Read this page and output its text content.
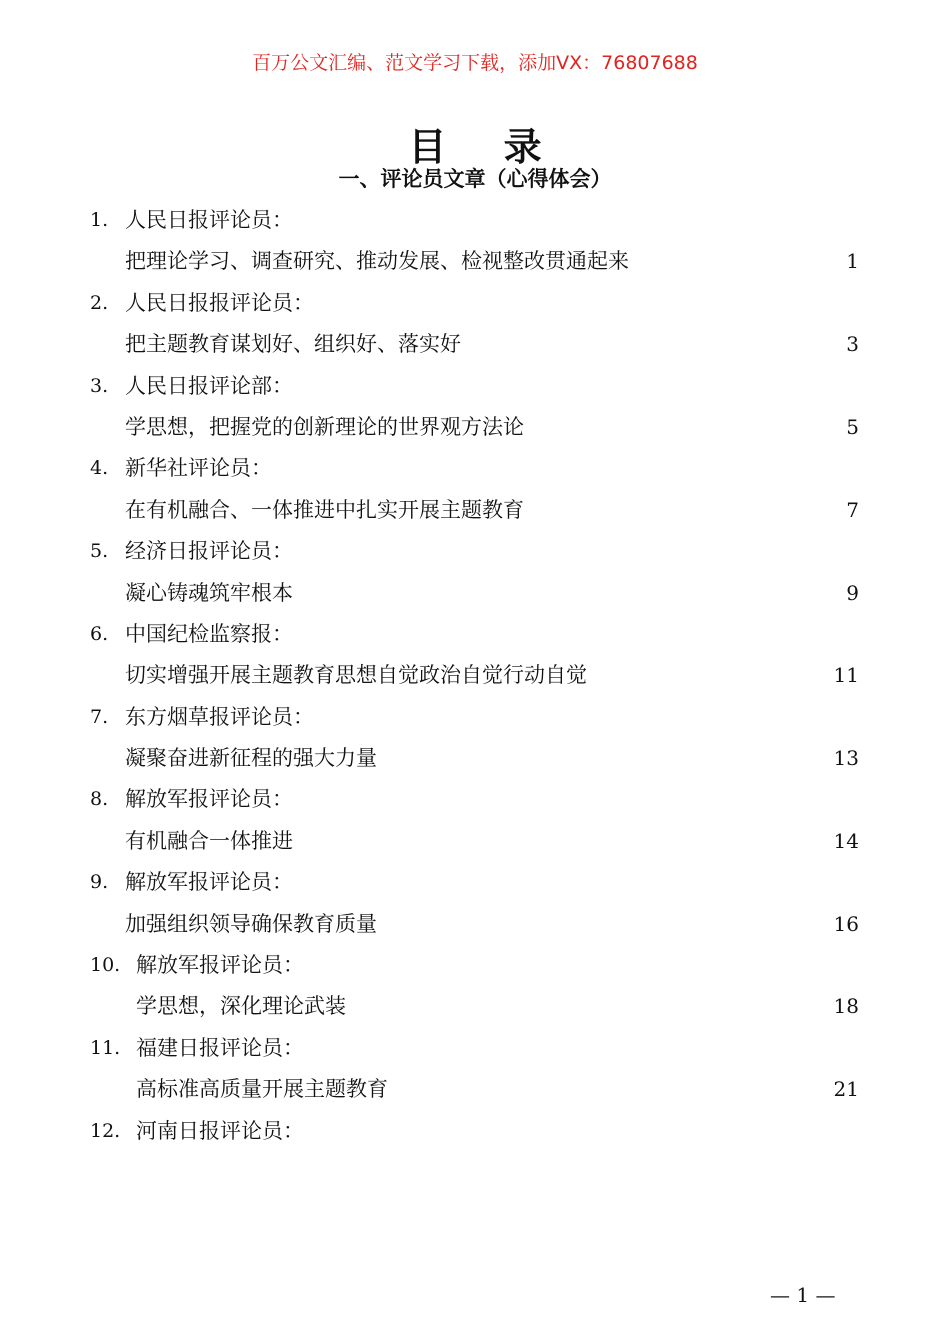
百万公文汇编、范文学习下载，添加VX：76807688
目 录
一、评论员文章（心得体会）
1. 人民日报评论员：
把理论学习、调查研究、推动发展、检视整改贯通起来	1
2. 人民日报报评论员：
把主题教育谋划好、组织好、落实好	3
3. 人民日报评论部：
学思想，把握党的创新理论的世界观方法论	5
4. 新华社评论员：
在有机融合、一体推进中扎实开展主题教育	7
5. 经济日报评论员：
凝心铸魂筑牢根本	9
6. 中国纪检监察报：
切实增强开展主题教育思想自觉政治自觉行动自觉	11
7. 东方烟草报评论员：
凝聚奋进新征程的强大力量	13
8. 解放军报评论员：
有机融合一体推进	14
9. 解放军报评论员：
加强组织领导确保教育质量	16
10. 解放军报评论员：
学思想，深化理论武装	18
11. 福建日报评论员：
高标准高质量开展主题教育	21
12. 河南日报评论员：
— 1 —
